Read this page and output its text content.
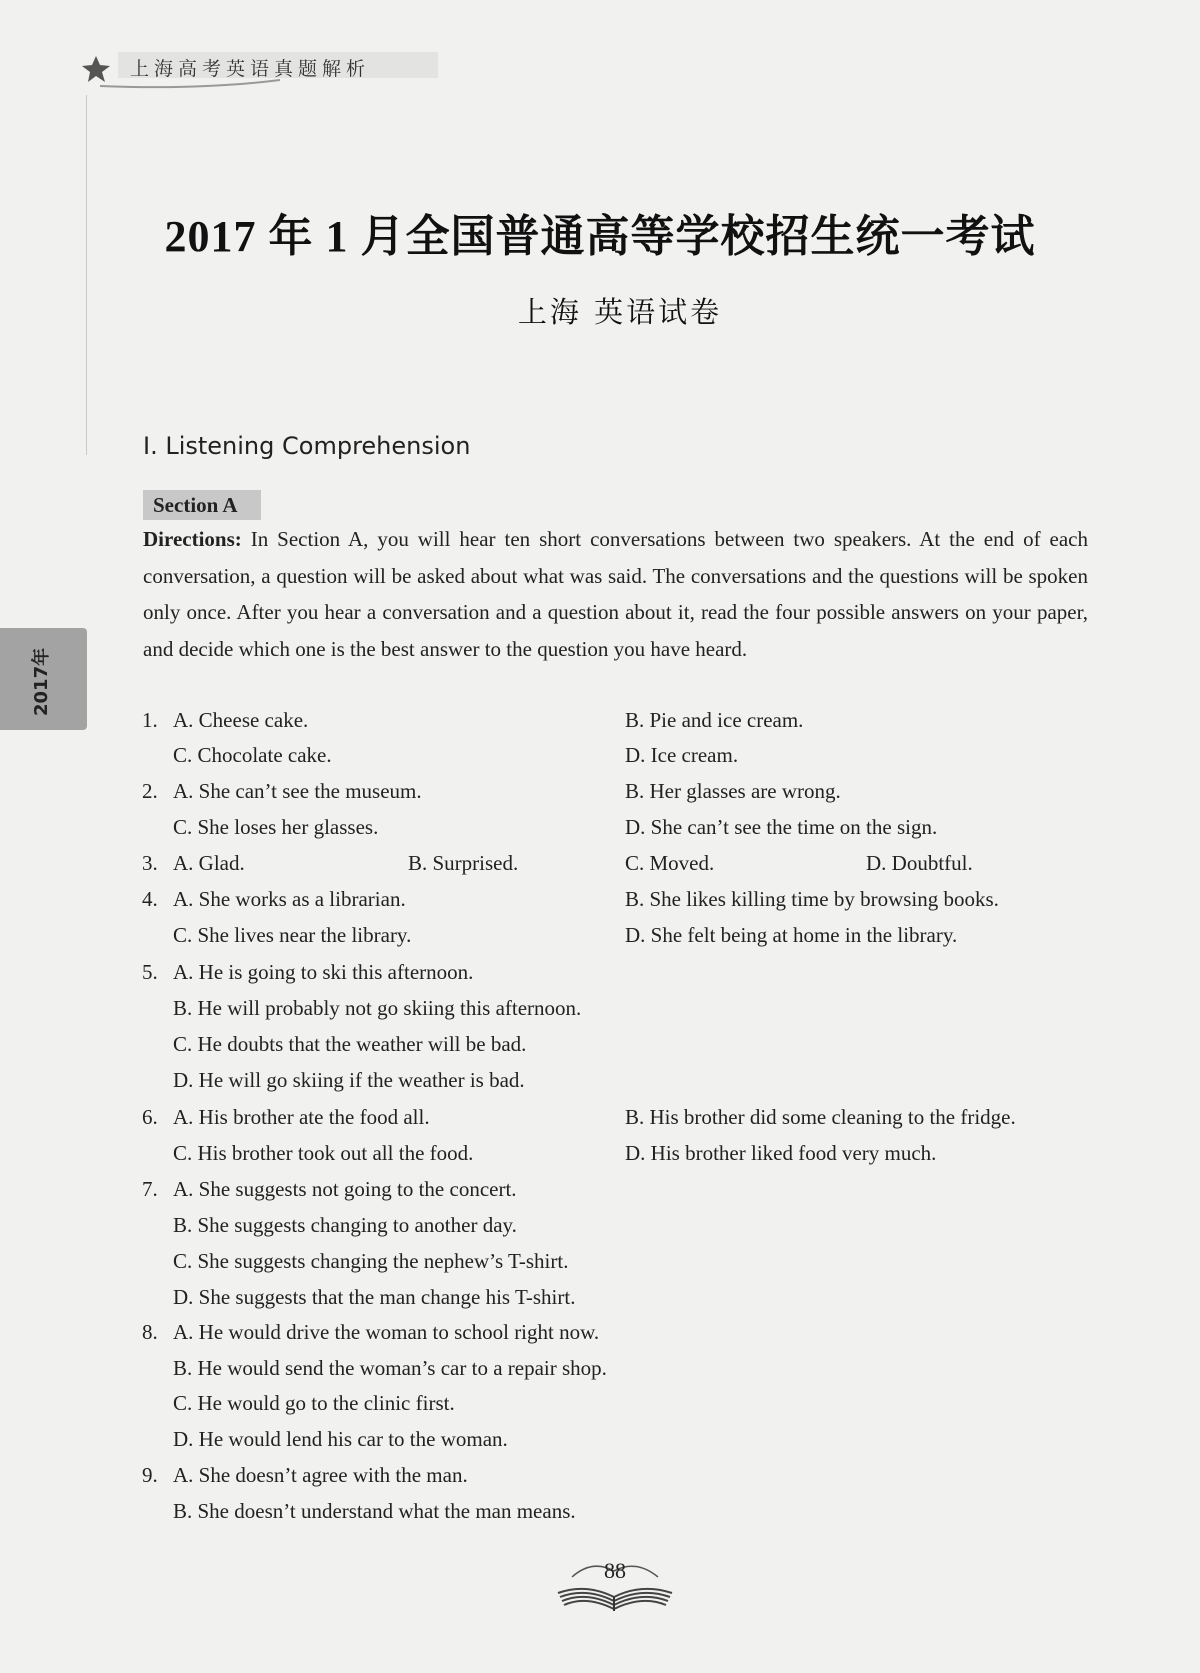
上海高考英语真题解析
2017年
2017 年 1 月全国普通高等学校招生统一考试
上海 英语试卷
I. Listening Comprehension
Section A
Directions: In Section A, you will hear ten short conversations between two speakers. At the end of each conversation, a question will be asked about what was said. The conversations and the questions will be spoken only once. After you hear a conversation and a question about it, read the four possible answers on your paper, and decide which one is the best answer to the question you have heard.
1. A. Cheese cake.	B. Pie and ice cream.
C. Chocolate cake.	D. Ice cream.
2. A. She can’t see the museum.	B. Her glasses are wrong.
C. She loses her glasses.	D. She can’t see the time on the sign.
3. A. Glad.	B. Surprised.	C. Moved.	D. Doubtful.
4. A. She works as a librarian.	B. She likes killing time by browsing books.
C. She lives near the library.	D. She felt being at home in the library.
5. A. He is going to ski this afternoon.
B. He will probably not go skiing this afternoon.
C. He doubts that the weather will be bad.
D. He will go skiing if the weather is bad.
6. A. His brother ate the food all.	B. His brother did some cleaning to the fridge.
C. His brother took out all the food.	D. His brother liked food very much.
7. A. She suggests not going to the concert.
B. She suggests changing to another day.
C. She suggests changing the nephew’s T-shirt.
D. She suggests that the man change his T-shirt.
8. A. He would drive the woman to school right now.
B. He would send the woman’s car to a repair shop.
C. He would go to the clinic first.
D. He would lend his car to the woman.
9. A. She doesn’t agree with the man.
B. She doesn’t understand what the man means.
88
